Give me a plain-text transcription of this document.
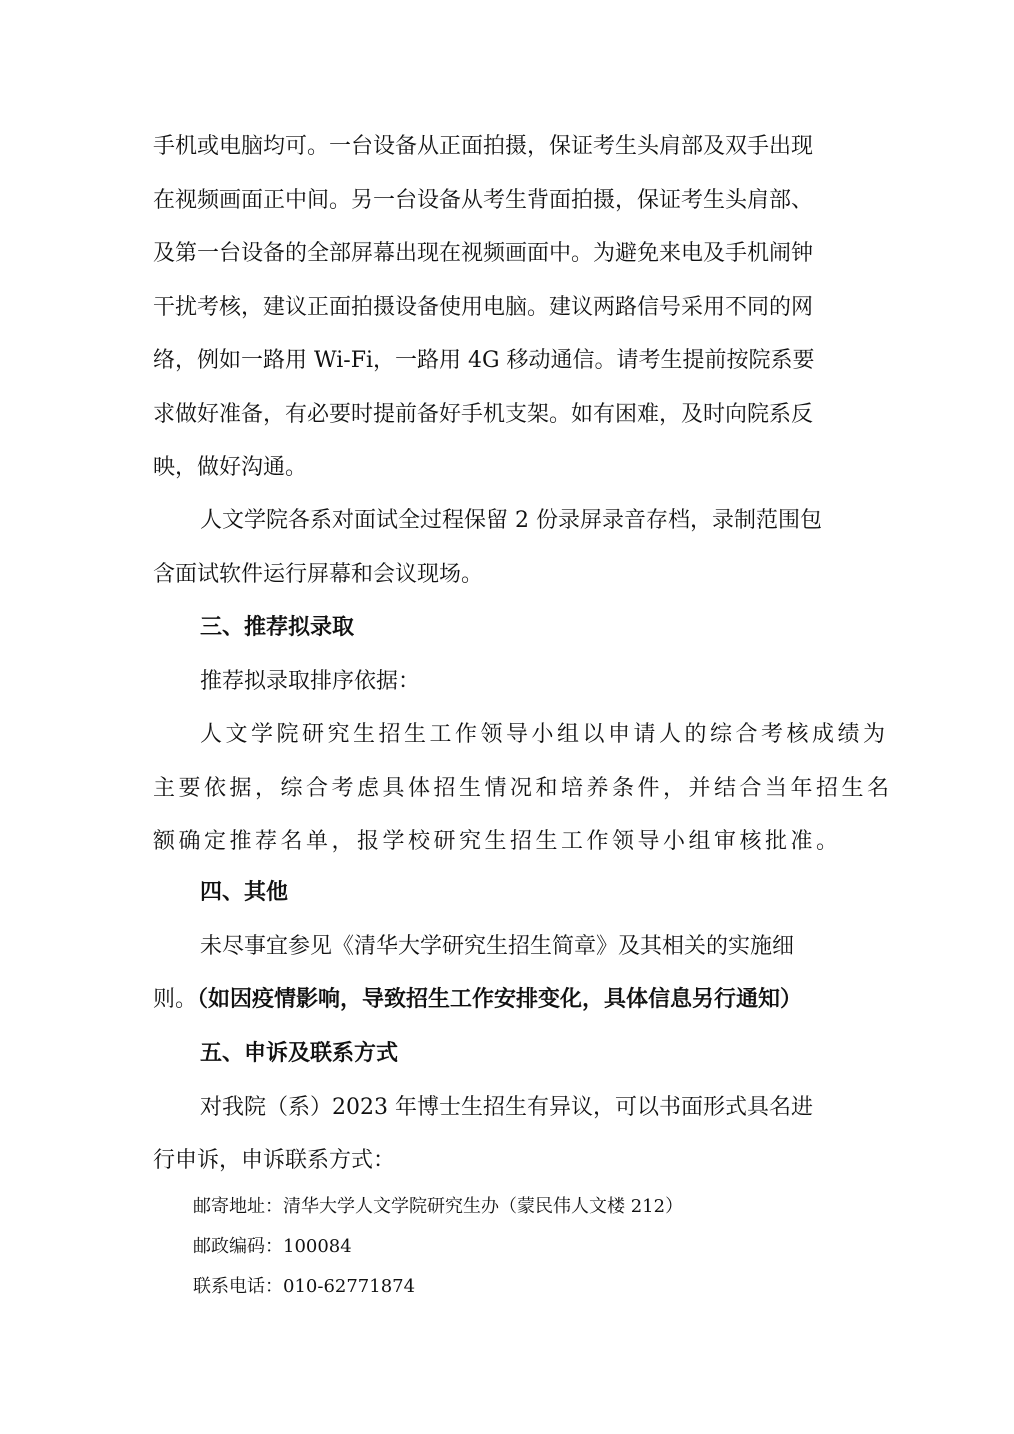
手机或电脑均可。一台设备从正面拍摄，保证考生头肩部及双手出现
在视频画面正中间。另一台设备从考生背面拍摄，保证考生头肩部、
及第一台设备的全部屏幕出现在视频画面中。为避免来电及手机闹钟
干扰考核，建议正面拍摄设备使用电脑。建议两路信号采用不同的网
络，例如一路用 Wi-Fi，一路用 4G 移动通信。请考生提前按院系要
求做好准备，有必要时提前备好手机支架。如有困难，及时向院系反
映，做好沟通。
人文学院各系对面试全过程保留 2 份录屏录音存档，录制范围包
含面试软件运行屏幕和会议现场。
三、推荐拟录取
推荐拟录取排序依据：
人文学院研究生招生工作领导小组以申请人的综合考核成绩为
主要依据，综合考虑具体招生情况和培养条件，并结合当年招生名
额确定推荐名单，报学校研究生招生工作领导小组审核批准。
四、其他
未尽事宜参见《清华大学研究生招生简章》及其相关的实施细
则。（如因疫情影响，导致招生工作安排变化，具体信息另行通知）
五、申诉及联系方式
对我院（系）2023 年博士生招生有异议，可以书面形式具名进
行申诉，申诉联系方式：
邮寄地址：清华大学人文学院研究生办（蒙民伟人文楼 212）
邮政编码：100084
联系电话：010-62771874
